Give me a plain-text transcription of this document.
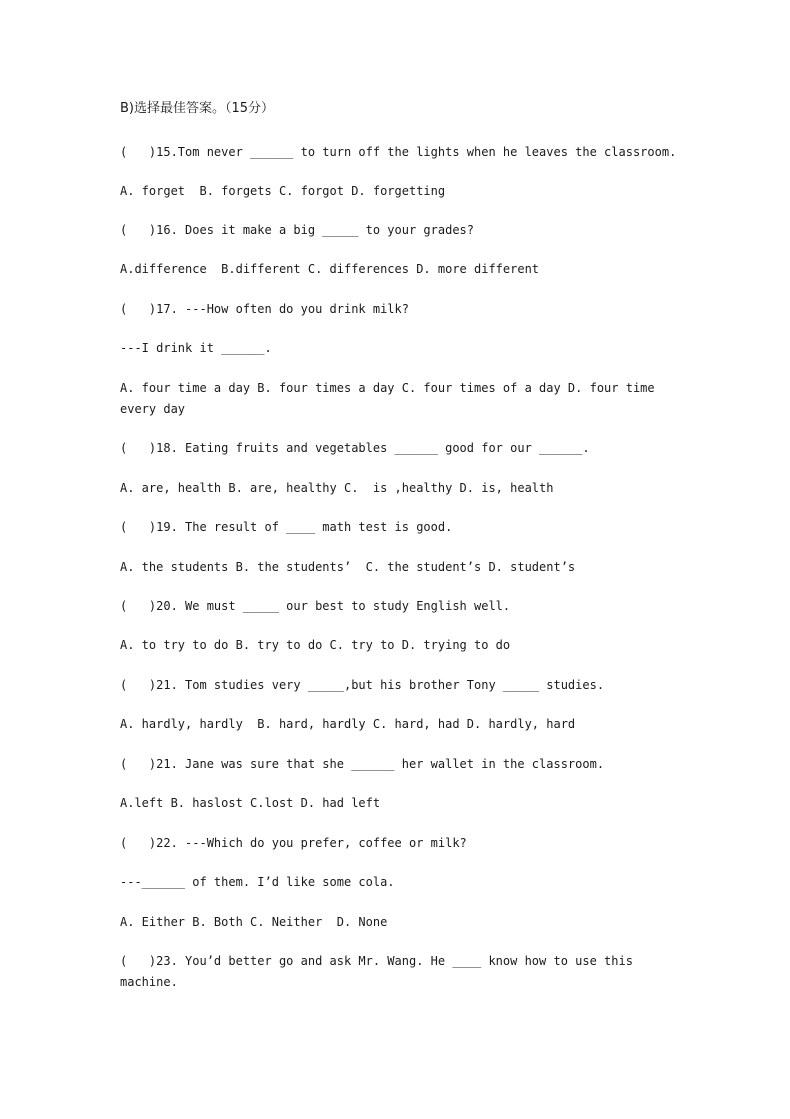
B)选择最佳答案。（15分）
(   )15.Tom never ______ to turn off the lights when he leaves the classroom.
A. forget  B. forgets C. forgot D. forgetting
(   )16. Does it make a big _____ to your grades?
A.difference  B.different C. differences D. more different
(   )17. ---How often do you drink milk?
---I drink it ______.
A. four time a day B. four times a day C. four times of a day D. four time every day
(   )18. Eating fruits and vegetables ______ good for our ______.
A. are, health B. are, healthy C.  is ,healthy D. is, health
(   )19. The result of ____ math test is good.
A. the students B. the students’  C. the student’s D. student’s
(   )20. We must _____ our best to study English well.
A. to try to do B. try to do C. try to D. trying to do
(   )21. Tom studies very _____,but his brother Tony _____ studies.
A. hardly, hardly  B. hard, hardly C. hard, had D. hardly, hard
(   )21. Jane was sure that she ______ her wallet in the classroom.
A.left B. haslost C.lost D. had left
(   )22. ---Which do you prefer, coffee or milk?
---______ of them. I’d like some cola.
A. Either B. Both C. Neither  D. None
(   )23. You’d better go and ask Mr. Wang. He ____ know how to use this machine.
